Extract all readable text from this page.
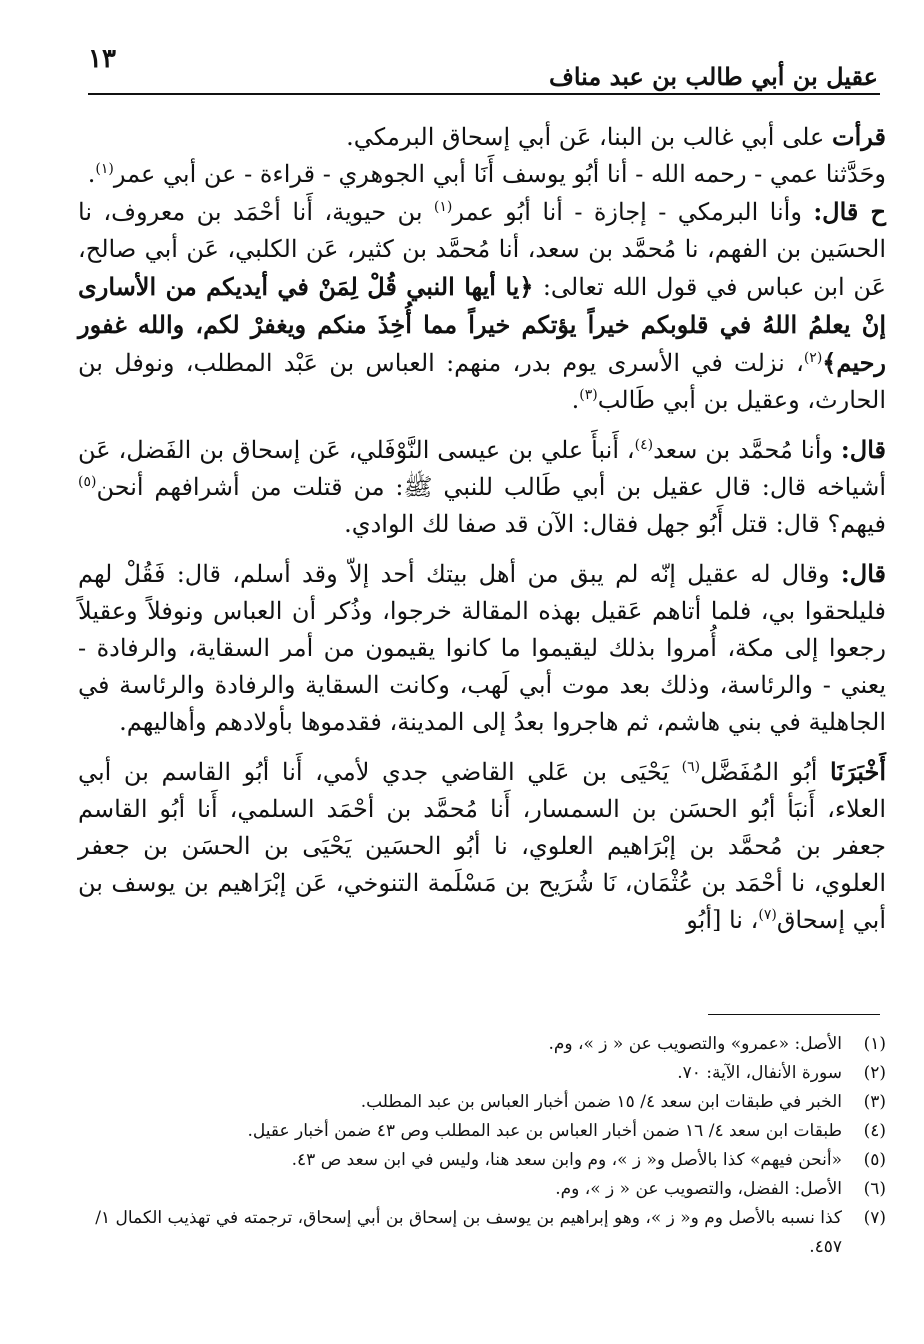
١٣
عقيل بن أبي طالب بن عبد مناف

قرأت على أبي غالب بن البنا، عَن أبي إسحاق البرمكي.

وحَدَّثنا عمي - رحمه الله - أنا أبُو يوسف أَنَا أبي الجوهري - قراءة - عن أبي عمر$^{(١)}$.

ح قال: وأنا البرمكي - إجازة - أنا أبُو عمر$^{(١)}$ بن حيوية، أَنا أحْمَد بن معروف، نا الحسَين بن الفهم، نا مُحمَّد بن سعد، أنا مُحمَّد بن كثير، عَن الكلبي، عَن أبي صالح، عَن ابن عباس في قول الله تعالى: ﴿يا أيها النبي قُلْ لِمَنْ في أيديكم من الأسارى إنْ يعلمُ اللهُ في قلوبكم خيراً يؤتكم خيراً مما أُخِذَ منكم ويغفرْ لكم، والله غفور رحيم﴾$^{(٢)}$، نزلت في الأسرى يوم بدر، منهم: العباس بن عَبْد المطلب، ونوفل بن الحارث، وعقيل بن أبي طَالب$^{(٣)}$.

قال: وأنا مُحمَّد بن سعد$^{(٤)}$، أَنبأَ علي بن عيسى النَّوْفَلي، عَن إسحاق بن الفَضل، عَن أشياخه قال: قال عقيل بن أبي طَالب للنبي ﷺ: من قتلت من أشرافهم أنحن$^{(٥)}$ فيهم؟ قال: قتل أَبُو جهل فقال: الآن قد صفا لك الوادي.

قال: وقال له عقيل إنّه لم يبق من أهل بيتك أحد إلاّ وقد أسلم، قال: فَقُلْ لهم فليلحقوا بي، فلما أتاهم عَقيل بهذه المقالة خرجوا، وذُكر أن العباس ونوفلاً وعقيلاً رجعوا إلى مكة، أُمروا بذلك ليقيموا ما كانوا يقيمون من أمر السقاية، والرفادة - يعني - والرئاسة، وذلك بعد موت أبي لَهب، وكانت السقاية والرفادة والرئاسة في الجاهلية في بني هاشم، ثم هاجروا بعدُ إلى المدينة، فقدموها بأولادهم وأهاليهم.

أَخْبَرَنَا أبُو المُفَضَّل$^{(٦)}$ يَحْيَى بن عَلي القاضي جدي لأمي، أَنا أبُو القاسم بن أبي العلاء، أَنبَأ أبُو الحسَن بن السمسار، أَنا مُحمَّد بن أحْمَد السلمي، أَنا أبُو القاسم جعفر بن مُحمَّد بن إبْرَاهيم العلوي، نا أبُو الحسَين يَحْيَى بن الحسَن بن جعفر العلوي، نا أحْمَد بن عُثْمَان، نَا شُرَيح بن مَسْلَمة التنوخي، عَن إبْرَاهيم بن يوسف بن أبي إسحاق$^{(٧)}$، نا [أبُو

(١)
الأصل: «عمرو» والتصويب عن « ز »، وم.
(٢)
سورة الأنفال، الآية: ٧٠.
(٣)
الخبر في طبقات ابن سعد ٤/ ١٥ ضمن أخبار العباس بن عبد المطلب.
(٤)
طبقات ابن سعد ٤/ ١٦ ضمن أخبار العباس بن عبد المطلب وص ٤٣ ضمن أخبار عقيل.
(٥)
«أنحن فيهم» كذا بالأصل و« ز »، وم وابن سعد هنا، وليس في ابن سعد ص ٤٣.
(٦)
الأصل: الفضل، والتصويب عن « ز »، وم.
(٧)
كذا نسبه بالأصل وم و« ز »، وهو إبراهيم بن يوسف بن إسحاق بن أبي إسحاق، ترجمته في تهذيب الكمال ١/
٤٥٧.
